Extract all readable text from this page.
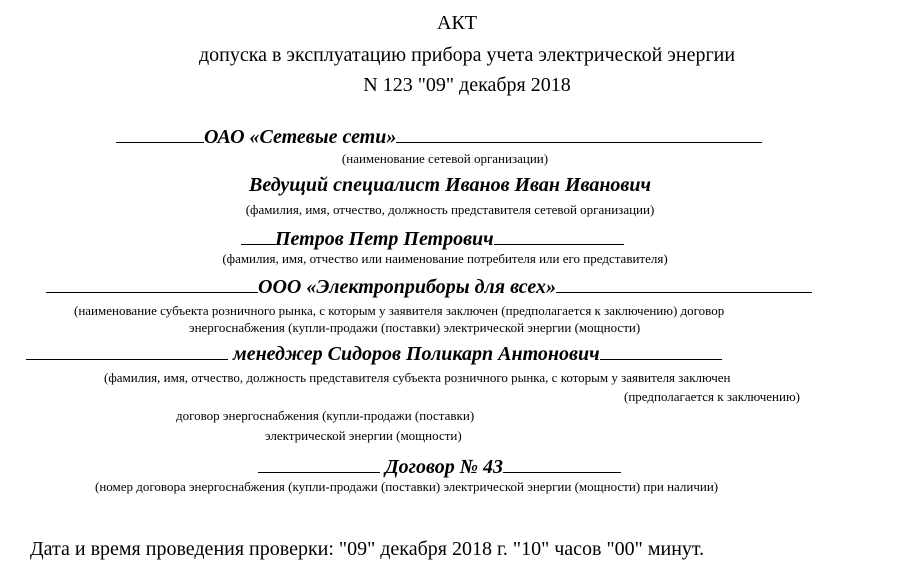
АКТ
допуска в эксплуатацию прибора учета электрической энергии
N 123 "09" декабря 2018
ОАО «Сетевые сети»
(наименование сетевой организации)
Ведущий специалист Иванов Иван Иванович
(фамилия, имя, отчество, должность представителя сетевой организации)
Петров Петр Петрович
(фамилия, имя, отчество или наименование потребителя или его представителя)
ООО «Электроприборы для всех»
(наименование субъекта розничного рынка, с которым у заявителя заключен (предполагается к заключению) договор
энергоснабжения (купли-продажи (поставки) электрической энергии (мощности)
менеджер Сидоров Поликарп Антонович
(фамилия, имя, отчество, должность представителя субъекта розничного рынка, с которым у заявителя заключен
(предполагается к заключению)
договор энергоснабжения (купли-продажи (поставки)
электрической энергии (мощности)
Договор № 43
(номер договора энергоснабжения (купли-продажи (поставки) электрической энергии (мощности) при наличии)
Дата и время проведения проверки: "09" декабря 2018 г. "10" часов "00" минут.
